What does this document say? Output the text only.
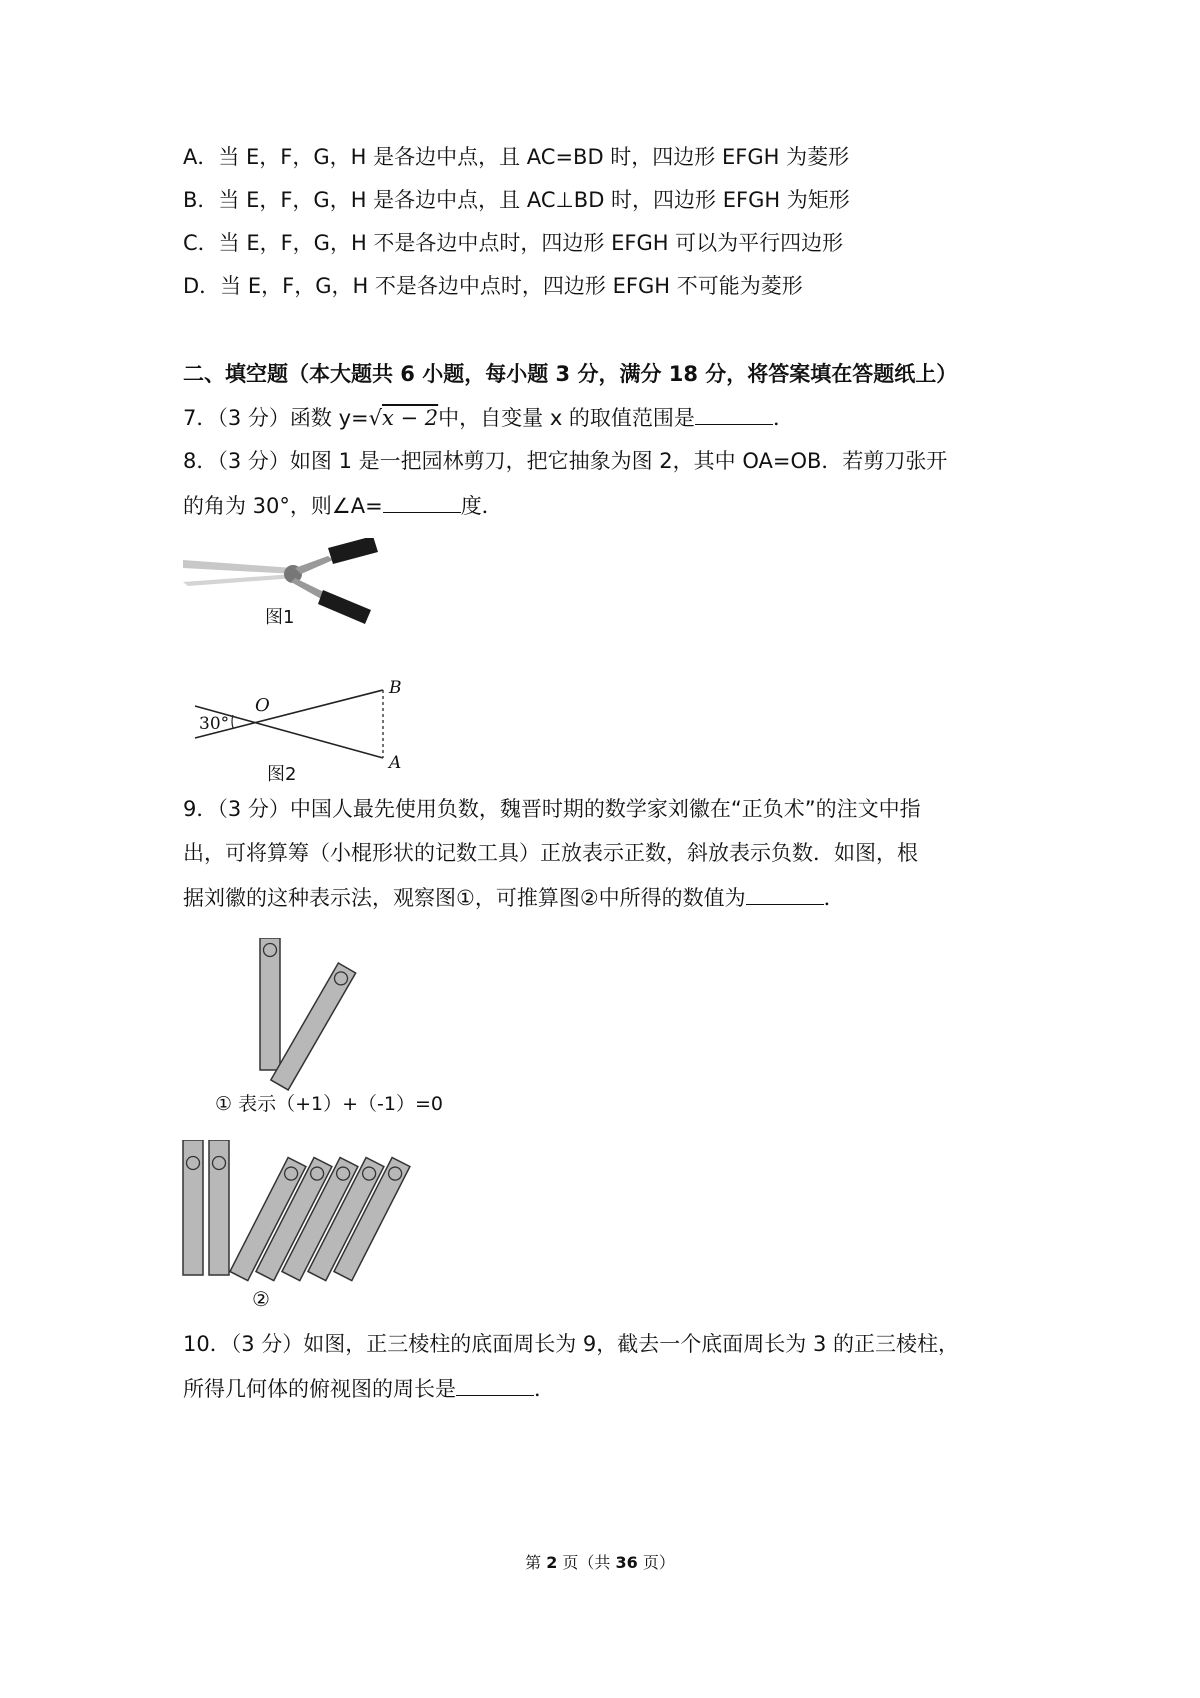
A．当 E，F，G，H 是各边中点，且 AC=BD 时，四边形 EFGH 为菱形
B．当 E，F，G，H 是各边中点，且 AC⊥BD 时，四边形 EFGH 为矩形
C．当 E，F，G，H 不是各边中点时，四边形 EFGH 可以为平行四边形
D．当 E，F，G，H 不是各边中点时，四边形 EFGH 不可能为菱形
二、填空题（本大题共 6 小题，每小题 3 分，满分 18 分，将答案填在答题纸上）
7．（3 分）函数 y=√x − 2中，自变量 x 的取值范围是	．
8．（3 分）如图 1 是一把园林剪刀，把它抽象为图 2，其中 OA=OB．若剪刀张开
的角为 30°，则∠A=	度．
图1
30°
O
B
A
图2
9．（3 分）中国人最先使用负数，魏晋时期的数学家刘徽在“正负术”的注文中指
出，可将算筹（小棍形状的记数工具）正放表示正数，斜放表示负数．如图，根
据刘徽的这种表示法，观察图①，可推算图②中所得的数值为	．
① 表示（+1）+（-1）=0
②
10．（3 分）如图，正三棱柱的底面周长为 9，截去一个底面周长为 3 的正三棱柱，
所得几何体的俯视图的周长是	．
第 2 页（共 36 页）
